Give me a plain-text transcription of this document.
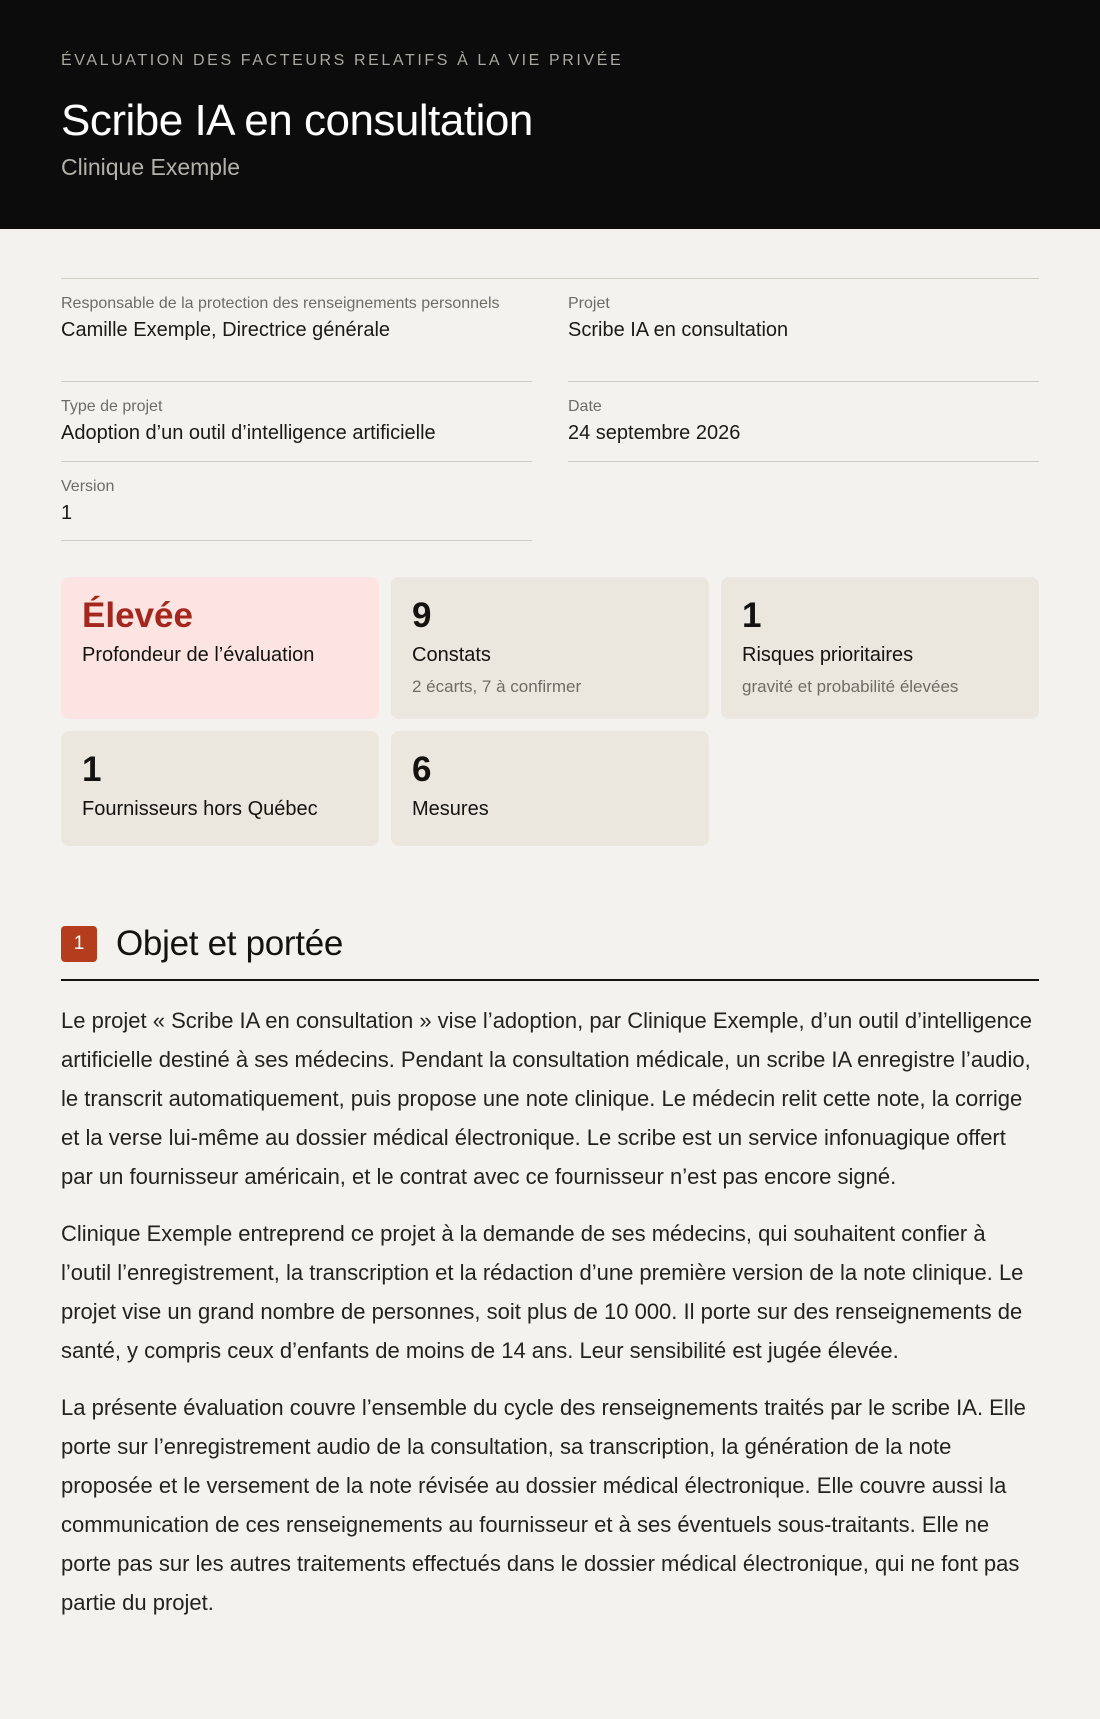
ÉVALUATION DES FACTEURS RELATIFS À LA VIE PRIVÉE
Scribe IA en consultation
Clinique Exemple
Responsable de la protection des renseignements personnels
Camille Exemple, Directrice générale
Projet
Scribe IA en consultation
Type de projet
Adoption d’un outil d’intelligence artificielle
Date
24 septembre 2026
Version
1
Élevée
Profondeur de l’évaluation
9
Constats
2 écarts, 7 à confirmer
1
Risques prioritaires
gravité et probabilité élevées
1
Fournisseurs hors Québec
6
Mesures
1 Objet et portée

Le projet « Scribe IA en consultation » vise l’adoption, par Clinique Exemple, d’un outil d’intelligence artificielle destiné à ses médecins. Pendant la consultation médicale, un scribe IA enregistre l’audio, le transcrit automatiquement, puis propose une note clinique. Le médecin relit cette note, la corrige et la verse lui-même au dossier médical électronique. Le scribe est un service infonuagique offert par un fournisseur américain, et le contrat avec ce fournisseur n’est pas encore signé.

Clinique Exemple entreprend ce projet à la demande de ses médecins, qui souhaitent confier à l’outil l’enregistrement, la transcription et la rédaction d’une première version de la note clinique. Le projet vise un grand nombre de personnes, soit plus de 10 000. Il porte sur des renseignements de santé, y compris ceux d’enfants de moins de 14 ans. Leur sensibilité est jugée élevée.

La présente évaluation couvre l’ensemble du cycle des renseignements traités par le scribe IA. Elle porte sur l’enregistrement audio de la consultation, sa transcription, la génération de la note proposée et le versement de la note révisée au dossier médical électronique. Elle couvre aussi la communication de ces renseignements au fournisseur et à ses éventuels sous-traitants. Elle ne porte pas sur les autres traitements effectués dans le dossier médical électronique, qui ne font pas partie du projet.
